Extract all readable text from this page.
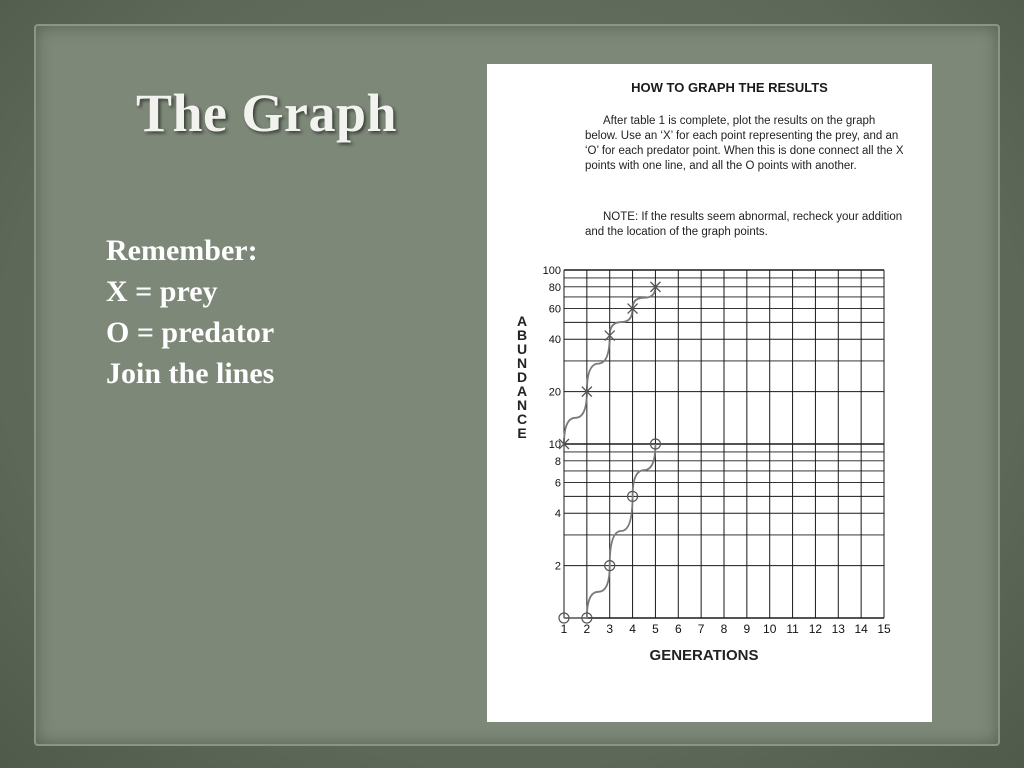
The Graph
Remember:
X = prey
O = predator
Join the lines
HOW TO GRAPH THE RESULTS

After table 1 is complete, plot the results on the graph below. Use an ‘X’ for each point representing the prey, and an ‘O’ for each predator point. When this is done connect all the X points with one line, and all the O points with another.

NOTE: If the results seem abnormal, recheck your addition and the location of the graph points.

2
4
6
8
10
20
40
60
80
100
1 2 3 4 5 6 7 8 9 10 11 12 13 14 15
GENERATIONS
A B U N D A N C E
